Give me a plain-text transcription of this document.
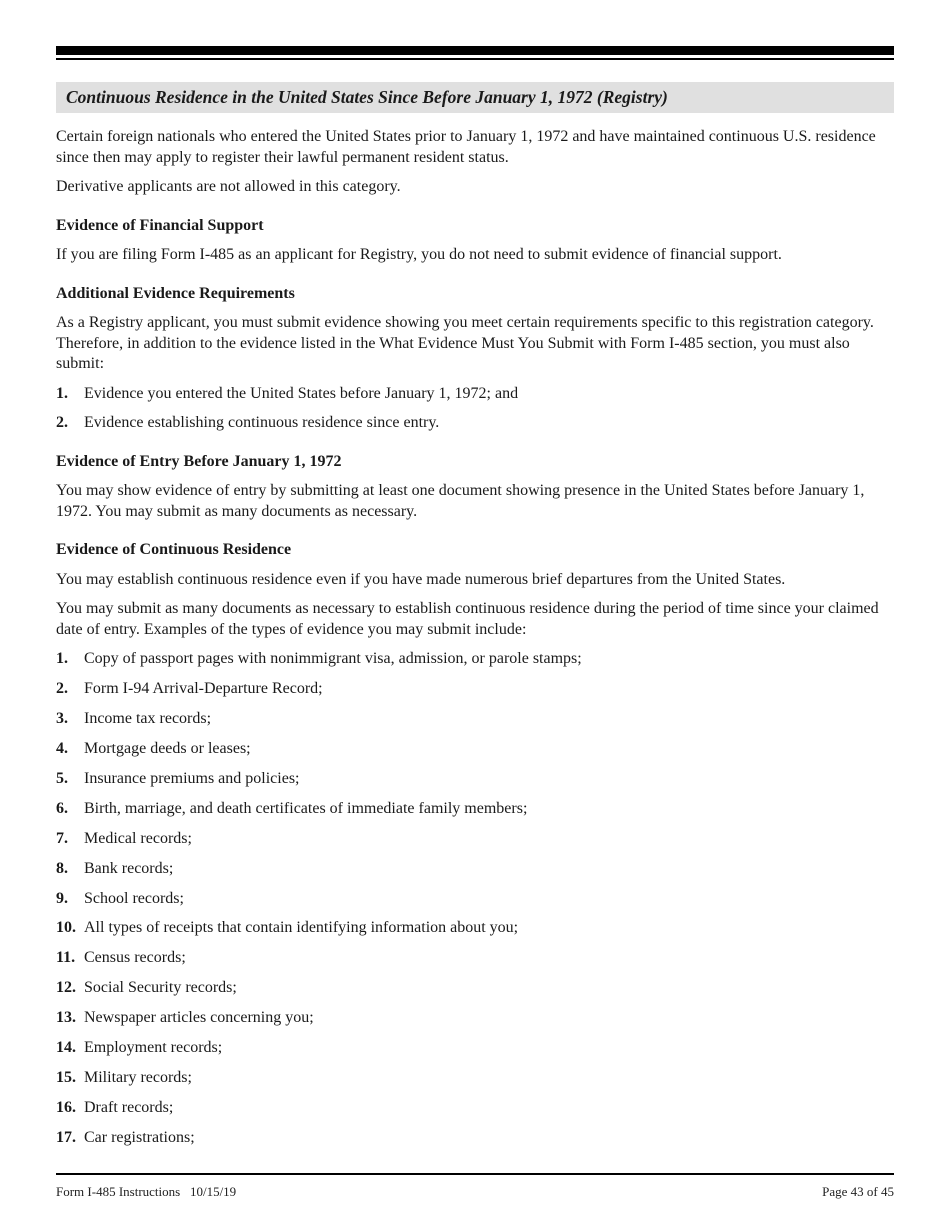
Continuous Residence in the United States Since Before January 1, 1972 (Registry)

Certain foreign nationals who entered the United States prior to January 1, 1972 and have maintained continuous U.S. residence since then may apply to register their lawful permanent resident status.

Derivative applicants are not allowed in this category.

Evidence of Financial Support

If you are filing Form I-485 as an applicant for Registry, you do not need to submit evidence of financial support.

Additional Evidence Requirements

As a Registry applicant, you must submit evidence showing you meet certain requirements specific to this registration category. Therefore, in addition to the evidence listed in the What Evidence Must You Submit with Form I-485 section, you must also submit:

1.	Evidence you entered the United States before January 1, 1972; and
2.	Evidence establishing continuous residence since entry.
Evidence of Entry Before January 1, 1972

You may show evidence of entry by submitting at least one document showing presence in the United States before January 1, 1972. You may submit as many documents as necessary.

Evidence of Continuous Residence

You may establish continuous residence even if you have made numerous brief departures from the United States.

You may submit as many documents as necessary to establish continuous residence during the period of time since your claimed date of entry. Examples of the types of evidence you may submit include:

1.	Copy of passport pages with nonimmigrant visa, admission, or parole stamps;
2.	Form I-94 Arrival-Departure Record;
3.	Income tax records;
4.	Mortgage deeds or leases;
5.	Insurance premiums and policies;
6.	Birth, marriage, and death certificates of immediate family members;
7.	Medical records;
8.	Bank records;
9.	School records;
10. All types of receipts that contain identifying information about you;
11. Census records;
12. Social Security records;
13. Newspaper articles concerning you;
14. Employment records;
15. Military records;
16. Draft records;
17. Car registrations;
Form I-485 Instructions   10/15/19	Page 43 of 45
